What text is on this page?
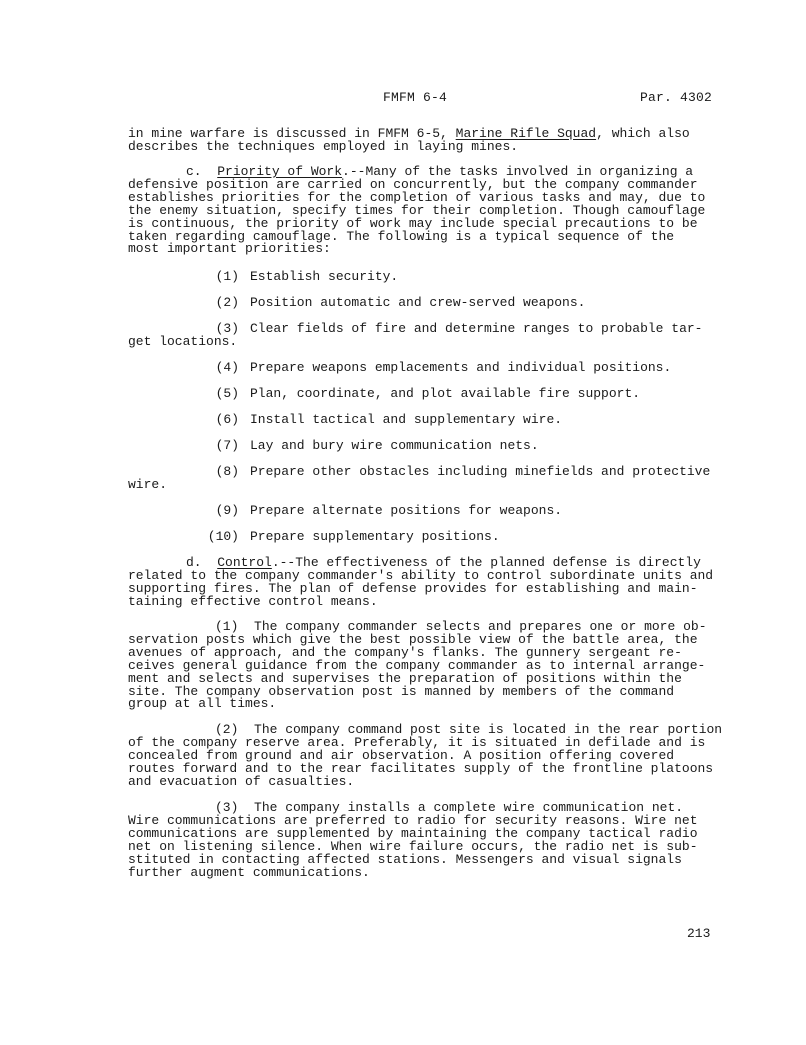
FMFM 6-4	Par. 4302

in mine warfare is discussed in FMFM 6-5, Marine Rifle Squad, which also

describes the techniques employed in laying mines.

c. Priority of Work.--Many of the tasks involved in organizing a

defensive position are carried on concurrently, but the company commander

establishes priorities for the completion of various tasks and may, due to

the enemy situation, specify times for their completion. Though camouflage

is continuous, the priority of work may include special precautions to be

taken regarding camouflage. The following is a typical sequence of the

most important priorities:

(1) Establish security.
(2) Position automatic and crew-served weapons.
(3) Clear fields of fire and determine ranges to probable tar-
get locations.
(4) Prepare weapons emplacements and individual positions.
(5) Plan, coordinate, and plot available fire support.
(6) Install tactical and supplementary wire.
(7) Lay and bury wire communication nets.
(8) Prepare other obstacles including minefields and protective
wire.
(9) Prepare alternate positions for weapons.
(10) Prepare supplementary positions.

d. Control.--The effectiveness of the planned defense is directly

related to the company commander's ability to control subordinate units and

supporting fires. The plan of defense provides for establishing and main-

taining effective control means.

(1) The company commander selects and prepares one or more ob-

servation posts which give the best possible view of the battle area, the

avenues of approach, and the company's flanks. The gunnery sergeant re-

ceives general guidance from the company commander as to internal arrange-

ment and selects and supervises the preparation of positions within the

site. The company observation post is manned by members of the command

group at all times.

(2) The company command post site is located in the rear portion

of the company reserve area. Preferably, it is situated in defilade and is

concealed from ground and air observation. A position offering covered

routes forward and to the rear facilitates supply of the frontline platoons

and evacuation of casualties.

(3) The company installs a complete wire communication net.

Wire communications are preferred to radio for security reasons. Wire net

communications are supplemented by maintaining the company tactical radio

net on listening silence. When wire failure occurs, the radio net is sub-

stituted in contacting affected stations. Messengers and visual signals

further augment communications.

213
